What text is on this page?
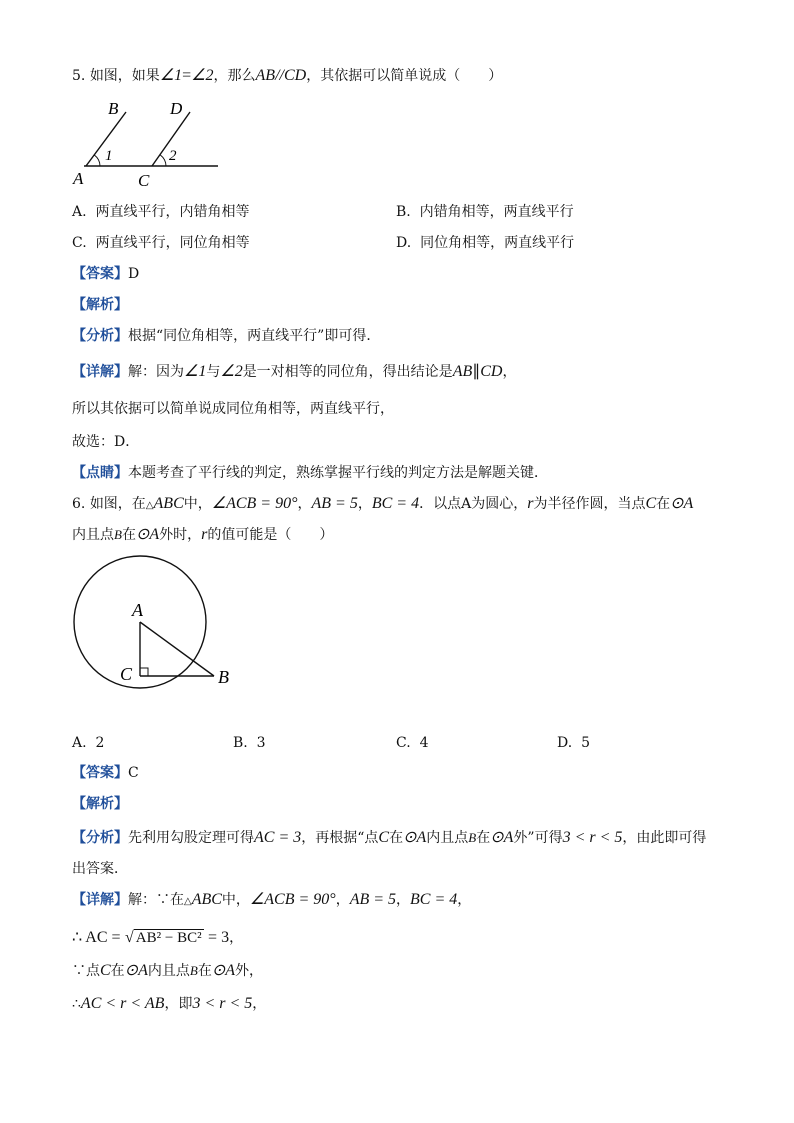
5. 如图，如果∠1=∠2，那么AB//CD，其依据可以简单说成（　　）
B	D
A	C
1	2
A. 两直线平行，内错角相等	B. 内错角相等，两直线平行
C. 两直线平行，同位角相等	D. 同位角相等，两直线平行
【答案】D
【解析】
【分析】根据“同位角相等，两直线平行”即可得．
【详解】解：因为∠1与∠2是一对相等的同位角，得出结论是AB∥CD，
所以其依据可以简单说成同位角相等，两直线平行，
故选：D．
【点睛】本题考查了平行线的判定，熟练掌握平行线的判定方法是解题关键．
6. 如图，在△ABC中，∠ACB = 90°，AB = 5，BC = 4．以点A为圆心，r为半径作圆，当点C在⊙A
内且点B在⊙A外时，r的值可能是（　　）
A
C	B
A. 2	B. 3	C. 4	D. 5
【答案】C
【解析】
【分析】先利用勾股定理可得AC = 3，再根据“点C在⊙A内且点B在⊙A外”可得3 < r < 5，由此即可得
出答案．
【详解】解：∵在△ABC中，∠ACB = 90°，AB = 5，BC = 4，
∴ AC = √ AB² − BC² = 3，
∵点C在⊙A内且点B在⊙A外，
∴AC < r < AB，即3 < r < 5，
